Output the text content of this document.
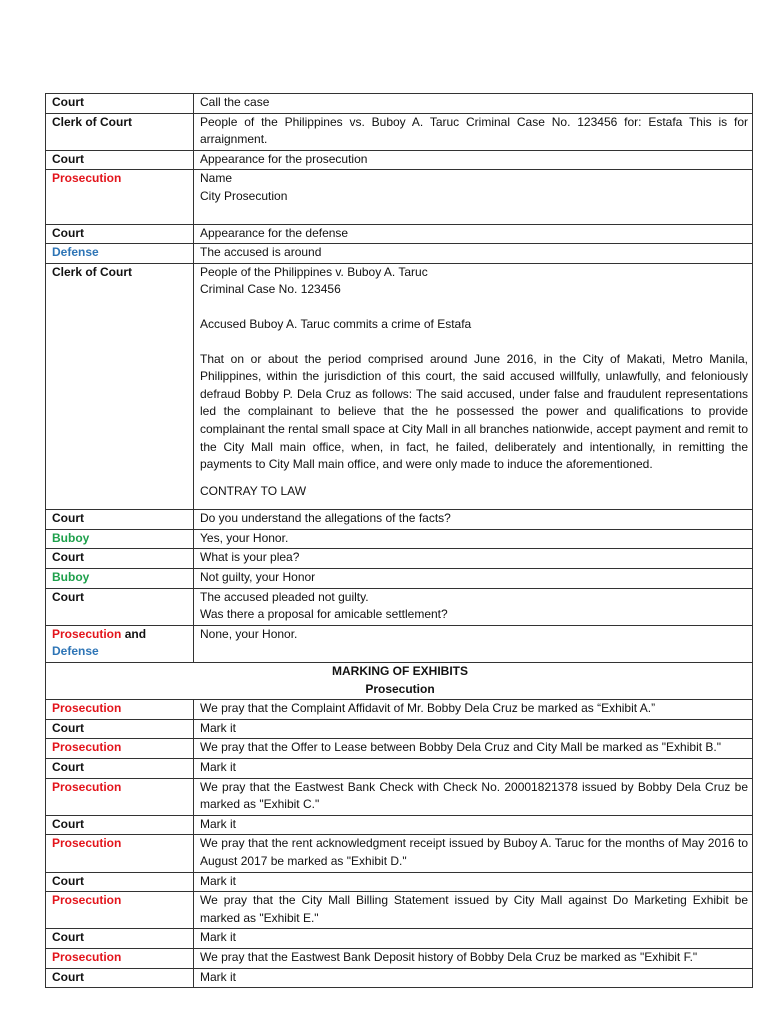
Court	Call the case

Clerk of Court	People of the Philippines vs. Buboy A. Taruc Criminal Case No. 123456 for: Estafa This is for arraignment.

Court	Appearance for the prosecution

Prosecution	Name
City Prosecution

Court	Appearance for the defense

Defense	The accused is around

Clerk of Court	People of the Philippines v. Buboy A. Taruc

Criminal Case No. 123456

Accused Buboy A. Taruc commits a crime of Estafa

That on or about the period comprised around June 2016, in the City of Makati, Metro Manila, Philippines, within the jurisdiction of this court, the said accused willfully, unlawfully, and feloniously defraud Bobby P. Dela Cruz as follows: The said accused, under false and fraudulent representations led the complainant to believe that the he possessed the power and qualifications to provide complainant the rental small space at City Mall in all branches nationwide, accept payment and remit to the City Mall main office, when, in fact, he failed, deliberately and intentionally, in remitting the payments to City Mall main office, and were only made to induce the aforementioned.

CONTRAY TO LAW

Court	Do you understand the allegations of the facts?

Buboy	Yes, your Honor.

Court	What is your plea?

Buboy	Not guilty, your Honor

Court	The accused pleaded not guilty.
Was there a proposal for amicable settlement?

Prosecution and
Defense	None, your Honor.

MARKING OF EXHIBITS
Prosecution	

Prosecution	We pray that the Complaint Affidavit of Mr. Bobby Dela Cruz be marked as “Exhibit A.”

Court	Mark it

Prosecution	We pray that the Offer to Lease between Bobby Dela Cruz and City Mall be marked as "Exhibit B."

Court	Mark it

Prosecution	We pray that the Eastwest Bank Check with Check No. 20001821378 issued by Bobby Dela Cruz be marked as "Exhibit C."

Court	Mark it

Prosecution	We pray that the rent acknowledgment receipt issued by Buboy A. Taruc for the months of May 2016 to August 2017 be marked as "Exhibit D."

Court	Mark it

Prosecution	We pray that the City Mall Billing Statement issued by City Mall against Do Marketing Exhibit be marked as "Exhibit E."

Court	Mark it

Prosecution	We pray that the Eastwest Bank Deposit history of Bobby Dela Cruz be marked as "Exhibit F."

Court	Mark it
